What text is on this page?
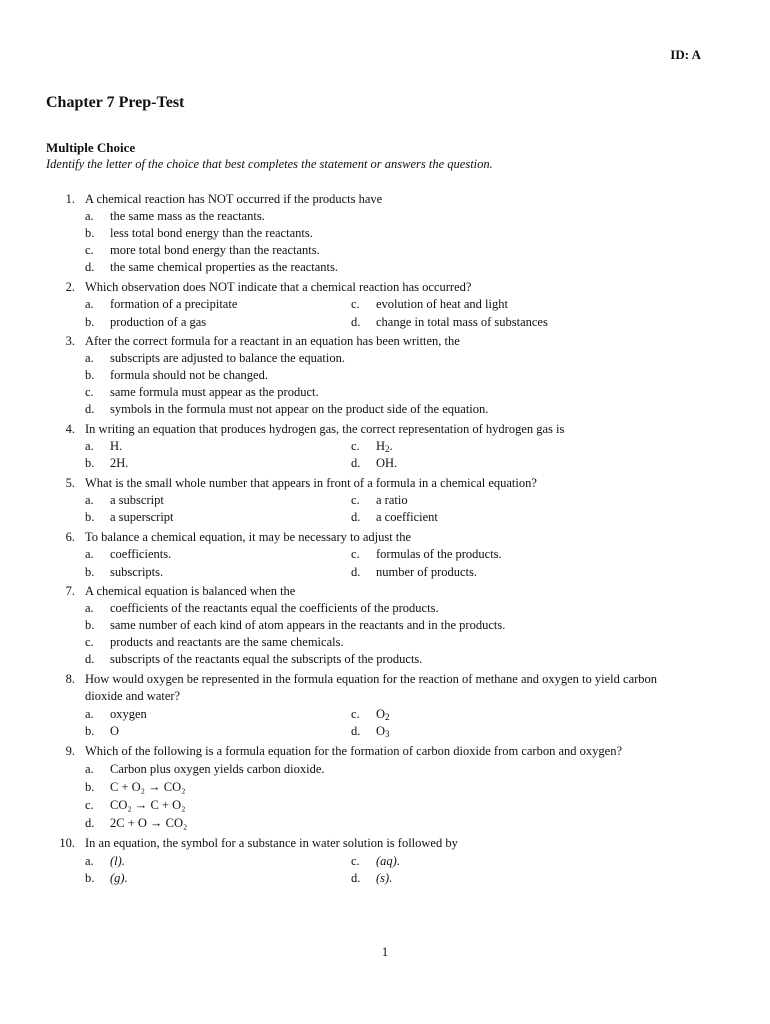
ID: A
Chapter 7 Prep-Test
Multiple Choice
Identify the letter of the choice that best completes the statement or answers the question.
1. A chemical reaction has NOT occurred if the products have
a. the same mass as the reactants.
b. less total bond energy than the reactants.
c. more total bond energy than the reactants.
d. the same chemical properties as the reactants.
2. Which observation does NOT indicate that a chemical reaction has occurred?
a. formation of a precipitate	c. evolution of heat and light
b. production of a gas	d. change in total mass of substances
3. After the correct formula for a reactant in an equation has been written, the
a. subscripts are adjusted to balance the equation.
b. formula should not be changed.
c. same formula must appear as the product.
d. symbols in the formula must not appear on the product side of the equation.
4. In writing an equation that produces hydrogen gas, the correct representation of hydrogen gas is
a. H.	c. $H_2$.
b. 2H.	d. OH.
5. What is the small whole number that appears in front of a formula in a chemical equation?
a. a subscript	c. a ratio
b. a superscript	d. a coefficient
6. To balance a chemical equation, it may be necessary to adjust the
a. coefficients.	c. formulas of the products.
b. subscripts.	d. number of products.
7. A chemical equation is balanced when the
a. coefficients of the reactants equal the coefficients of the products.
b. same number of each kind of atom appears in the reactants and in the products.
c. products and reactants are the same chemicals.
d. subscripts of the reactants equal the subscripts of the products.
8. How would oxygen be represented in the formula equation for the reaction of methane and oxygen to yield carbon
dioxide and water?
a. oxygen	c. $O_2$
b. O	d. $O_3$
9. Which of the following is a formula equation for the formation of carbon dioxide from carbon and oxygen?
a. Carbon plus oxygen yields carbon dioxide.
b. C + O₂ → CO₂
c. CO₂ → C + O₂
d. 2C + O → CO₂
10. In an equation, the symbol for a substance in water solution is followed by
a. (l).	c. (aq).
b. (g).	d. (s).
1
